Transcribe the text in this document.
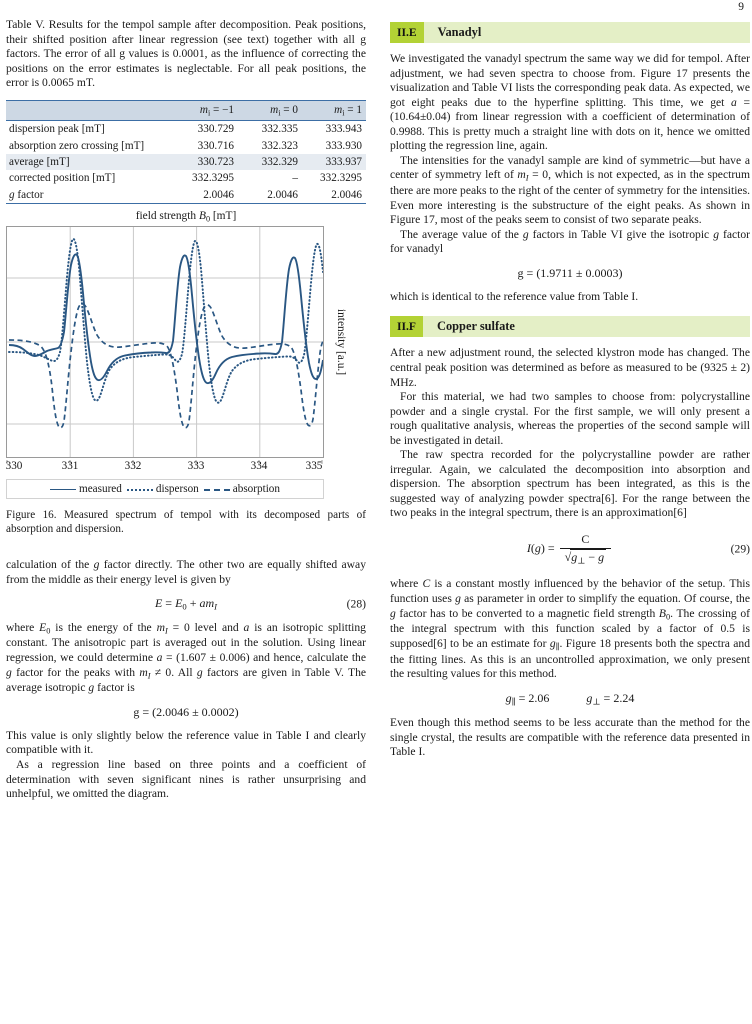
9

Table V. Results for the tempol sample after decomposition. Peak positions, their shifted position after linear regression (see text) together with all g factors. The error of all g values is 0.0001, as the influence of correcting the positions on the error estimates is neglectable. For all peak positions, the error is 0.0065 mT.

	$m_i = -1$	$m_i = 0$	$m_i = 1$
dispersion peak [mT]	330.729	332.335	333.943
absorption zero crossing [mT]	330.716	332.323	333.930
average [mT]	330.723	332.329	333.937
corrected position [mT]	332.3295	–	332.3295
g factor	2.0046	2.0046	2.0046
field strength $B_0$ [mT]
intensity [a.u.]
330	331	332	333	334	335
measured	disperson	absorption

Figure 16. Measured spectrum of tempol with its decomposed parts of absorption and dispersion.

calculation of the g factor directly. The other two are equally shifted away from the middle as their energy level is given by

$E = E_0 + am_I$	(28)

where $E_0$ is the energy of the $m_I = 0$ level and a is an isotropic splitting constant. The anisotropic part is averaged out in the solution. Using linear regression, we could determine a = (1.607 ± 0.006) and hence, calculate the g factor for the peaks with $m_I \ne 0$. All g factors are given in Table V. The average isotropic g factor is

g = (2.0046 ± 0.0002)

This value is only slightly below the reference value in Table I and clearly compatible with it.

As a regression line based on three points and a coefficient of determination with seven significant nines is rather unsurprising and unhelpful, we omitted the diagram.

II.E	Vanadyl

We investigated the vanadyl spectrum the same way we did for tempol. After adjustment, we had seven spectra to choose from. Figure 17 presents the visualization and Table VI lists the corresponding peak data. As expected, we got eight peaks due to the hyperfine splitting. This time, we get a = (10.64±0.04) from linear regression with a coefficient of determination of 0.9988. This is pretty much a straight line with dots on it, hence we omitted plotting the regression line, again.

The intensities for the vanadyl sample are kind of symmetric—but have a center of symmetry left of $m_I = 0$, which is not expected, as in the spectrum there are more peaks to the right of the center of symmetry for the intensities. Even more interesting is the substructure of the eight peaks. As shown in Figure 17, most of the peaks seem to consist of two separate peaks.

The average value of the g factors in Table VI give the isotropic g factor for vanadyl

g = (1.9711 ± 0.0003)

which is identical to the reference value from Table I.

II.F	Copper sulfate

After a new adjustment round, the selected klystron mode has changed. The central peak position was determined as before as measured to be (9325 ± 2) MHz.

For this material, we had two samples to choose from: polycrystalline powder and a single crystal. For the first sample, we will only present a rough qualitative analysis, whereas the properties of the second sample will be investigated in detail.

The raw spectra recorded for the polycrystalline powder are rather irregular. Again, we calculated the decomposition into absorption and dispersion. The absorption spectrum has been integrated, as this is the suggested way of analyzing powder spectra[6]. For the range between the two peaks in the integral spectrum, there is an approximation[6]

$I(g) = \frac{C}{√g_\perp - g}$	(29)

where C is a constant mostly influenced by the behavior of the setup. This function uses g as parameter in order to simplify the equation. Of course, the g factor has to be converted to a magnetic field strength $B_0$. The crossing of the integral spectrum with this function scaled by a factor of 0.5 is supposed[6] to be an estimate for $g_\parallel$. Figure 18 presents both the spectra and the fitting lines. As this is an uncontrolled approximation, we only present the resulting values for this method.

$g_\parallel = 2.06$	$g_\perp = 2.24$

Even though this method seems to be less accurate than the method for the single crystal, the results are compatible with the reference data presented in Table I.
